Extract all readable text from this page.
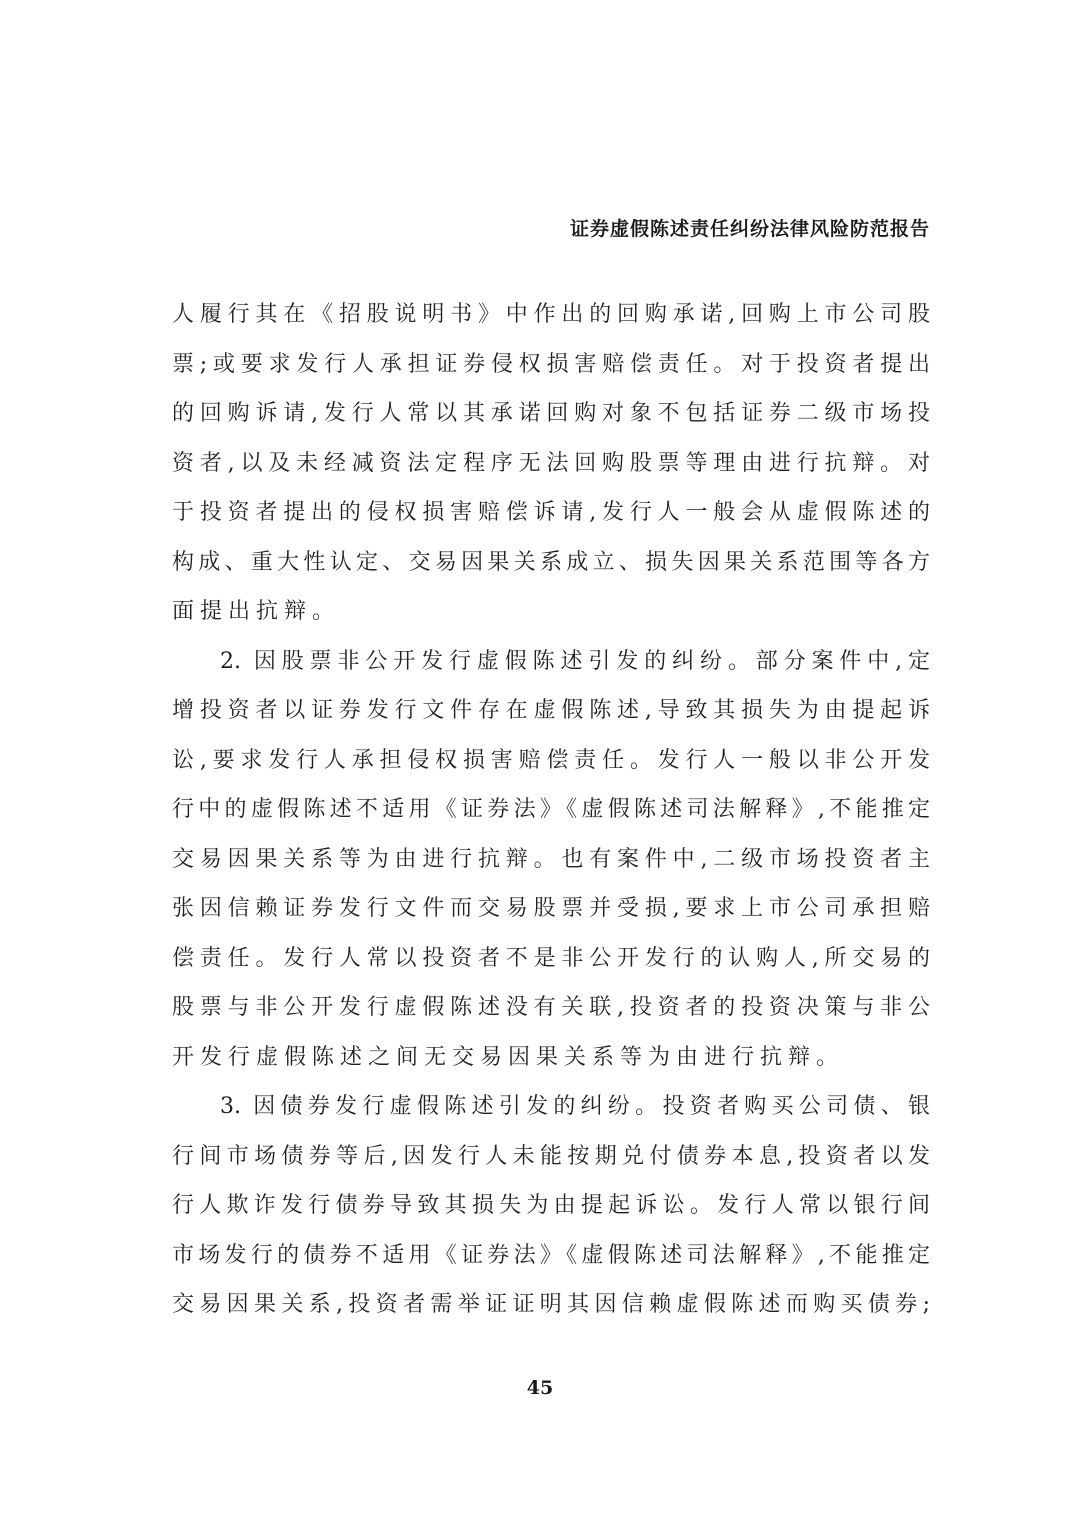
证券虚假陈述责任纠纷法律风险防范报告
人履行其在《招股说明书》中作出的回购承诺,回购上市公司股
票;或要求发行人承担证券侵权损害赔偿责任。对于投资者提出
的回购诉请,发行人常以其承诺回购对象不包括证券二级市场投
资者,以及未经减资法定程序无法回购股票等理由进行抗辩。对
于投资者提出的侵权损害赔偿诉请,发行人一般会从虚假陈述的
构成、重大性认定、交易因果关系成立、损失因果关系范围等各方
面提出抗辩。
2. 因股票非公开发行虚假陈述引发的纠纷。部分案件中,定
增投资者以证券发行文件存在虚假陈述,导致其损失为由提起诉
讼,要求发行人承担侵权损害赔偿责任。发行人一般以非公开发
行中的虚假陈述不适用《证券法》《虚假陈述司法解释》,不能推定
交易因果关系等为由进行抗辩。也有案件中,二级市场投资者主
张因信赖证券发行文件而交易股票并受损,要求上市公司承担赔
偿责任。发行人常以投资者不是非公开发行的认购人,所交易的
股票与非公开发行虚假陈述没有关联,投资者的投资决策与非公
开发行虚假陈述之间无交易因果关系等为由进行抗辩。
3. 因债券发行虚假陈述引发的纠纷。投资者购买公司债、银
行间市场债券等后,因发行人未能按期兑付债券本息,投资者以发
行人欺诈发行债券导致其损失为由提起诉讼。发行人常以银行间
市场发行的债券不适用《证券法》《虚假陈述司法解释》,不能推定
交易因果关系,投资者需举证证明其因信赖虚假陈述而购买债券;
45
